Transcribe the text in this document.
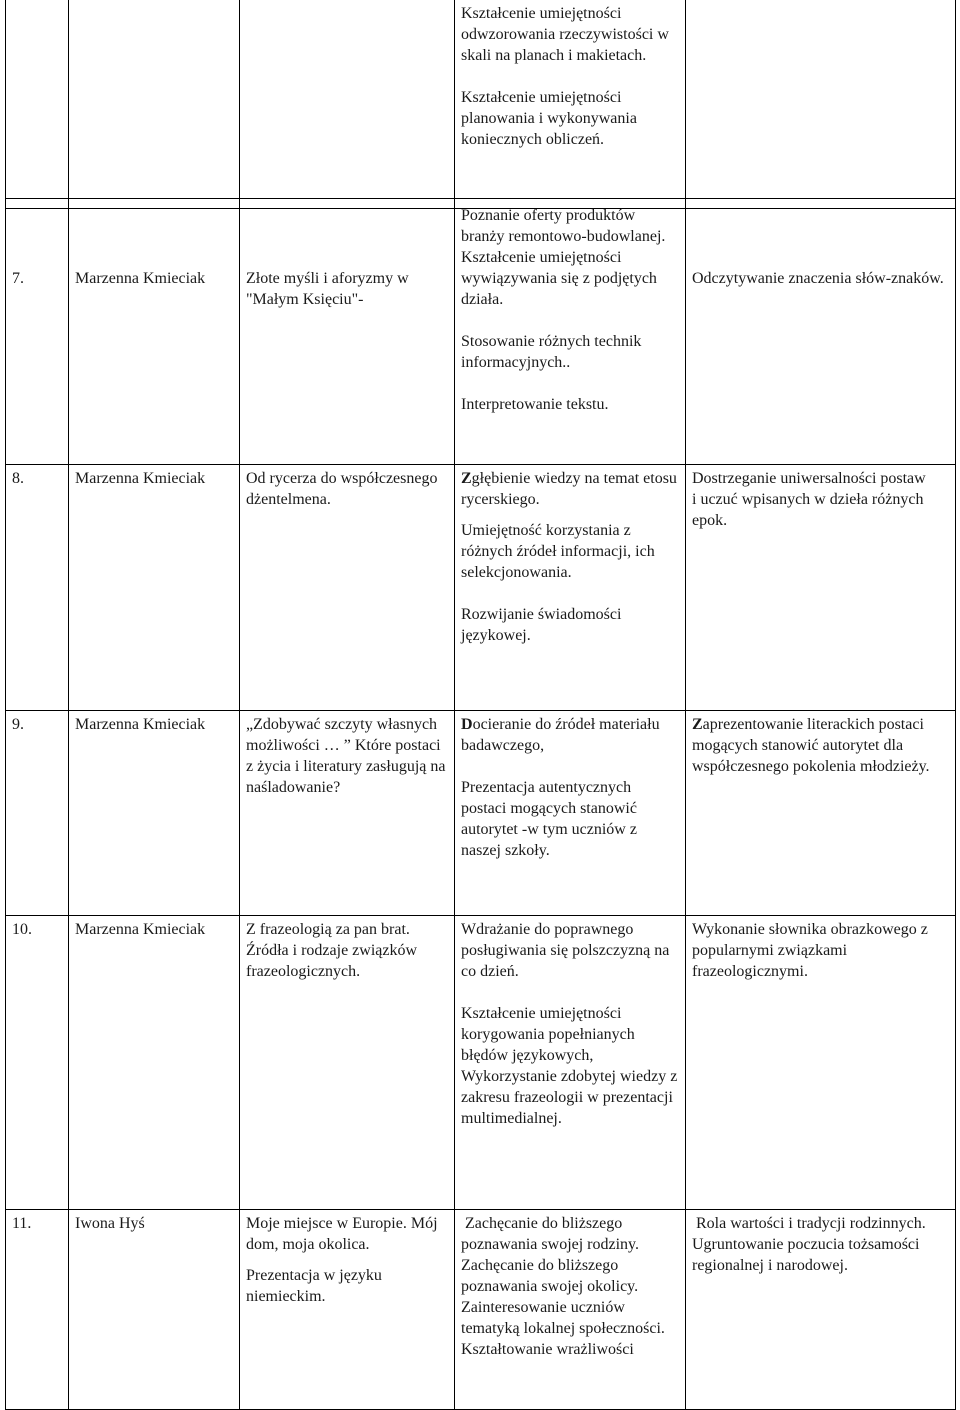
Kształcenie umiejętności odwzorowania rzeczywistości w skali na planach i makietach.
Kształcenie umiejętności planowania i wykonywania koniecznych obliczeń.

7.	Marzenna Kmieciak	Złote myśli i aforyzmy w "Małym Księciu"-	Poznanie oferty produktów branży remontowo-budowlanej.
Kształcenie umiejętności wywiązywania się z podjętych działa.
Stosowanie różnych technik informacyjnych..
Interpretowanie tekstu.	Odczytywanie znaczenia słów-znaków.

8.	Marzenna Kmieciak	Od rycerza do współczesnego dżentelmena.	Zgłębienie wiedzy na temat etosu rycerskiego.
Umiejętność korzystania z różnych źródeł informacji, ich selekcjonowania.
Rozwijanie świadomości językowej.	Dostrzeganie uniwersalności postaw     i uczuć wpisanych w dzieła różnych epok.

9.	Marzenna Kmieciak	„Zdobywać szczyty własnych możliwości … ” Które postaci z życia i literatury zasługują na naśladowanie?	Docieranie do źródeł materiału badawczego,
Prezentacja autentycznych postaci mogących stanowić autorytet -w tym uczniów z naszej szkoły.	Zaprezentowanie literackich postaci mogących stanowić autorytet dla współczesnego pokolenia młodzieży.

10.	Marzenna Kmieciak	Z frazeologią za pan brat. Źródła i rodzaje związków frazeologicznych.	Wdrażanie do poprawnego posługiwania się polszczyzną na co dzień.
Kształcenie umiejętności korygowania popełnianych błędów językowych, Wykorzystanie zdobytej wiedzy z zakresu frazeologii w prezentacji multimedialnej.	Wykonanie słownika obrazkowego z popularnymi związkami frazeologicznymi.

11.	Iwona Hyś	Moje miejsce w Europie. Mój dom, moja okolica.
Prezentacja w języku niemieckim.	Zachęcanie do bliższego poznawania swojej rodziny. Zachęcanie do bliższego poznawania swojej okolicy.  Zainteresowanie uczniów tematyką lokalnej społeczności. Kształtowanie wrażliwości	Rola wartości i tradycji rodzinnych. Ugruntowanie poczucia tożsamości regionalnej i narodowej.
